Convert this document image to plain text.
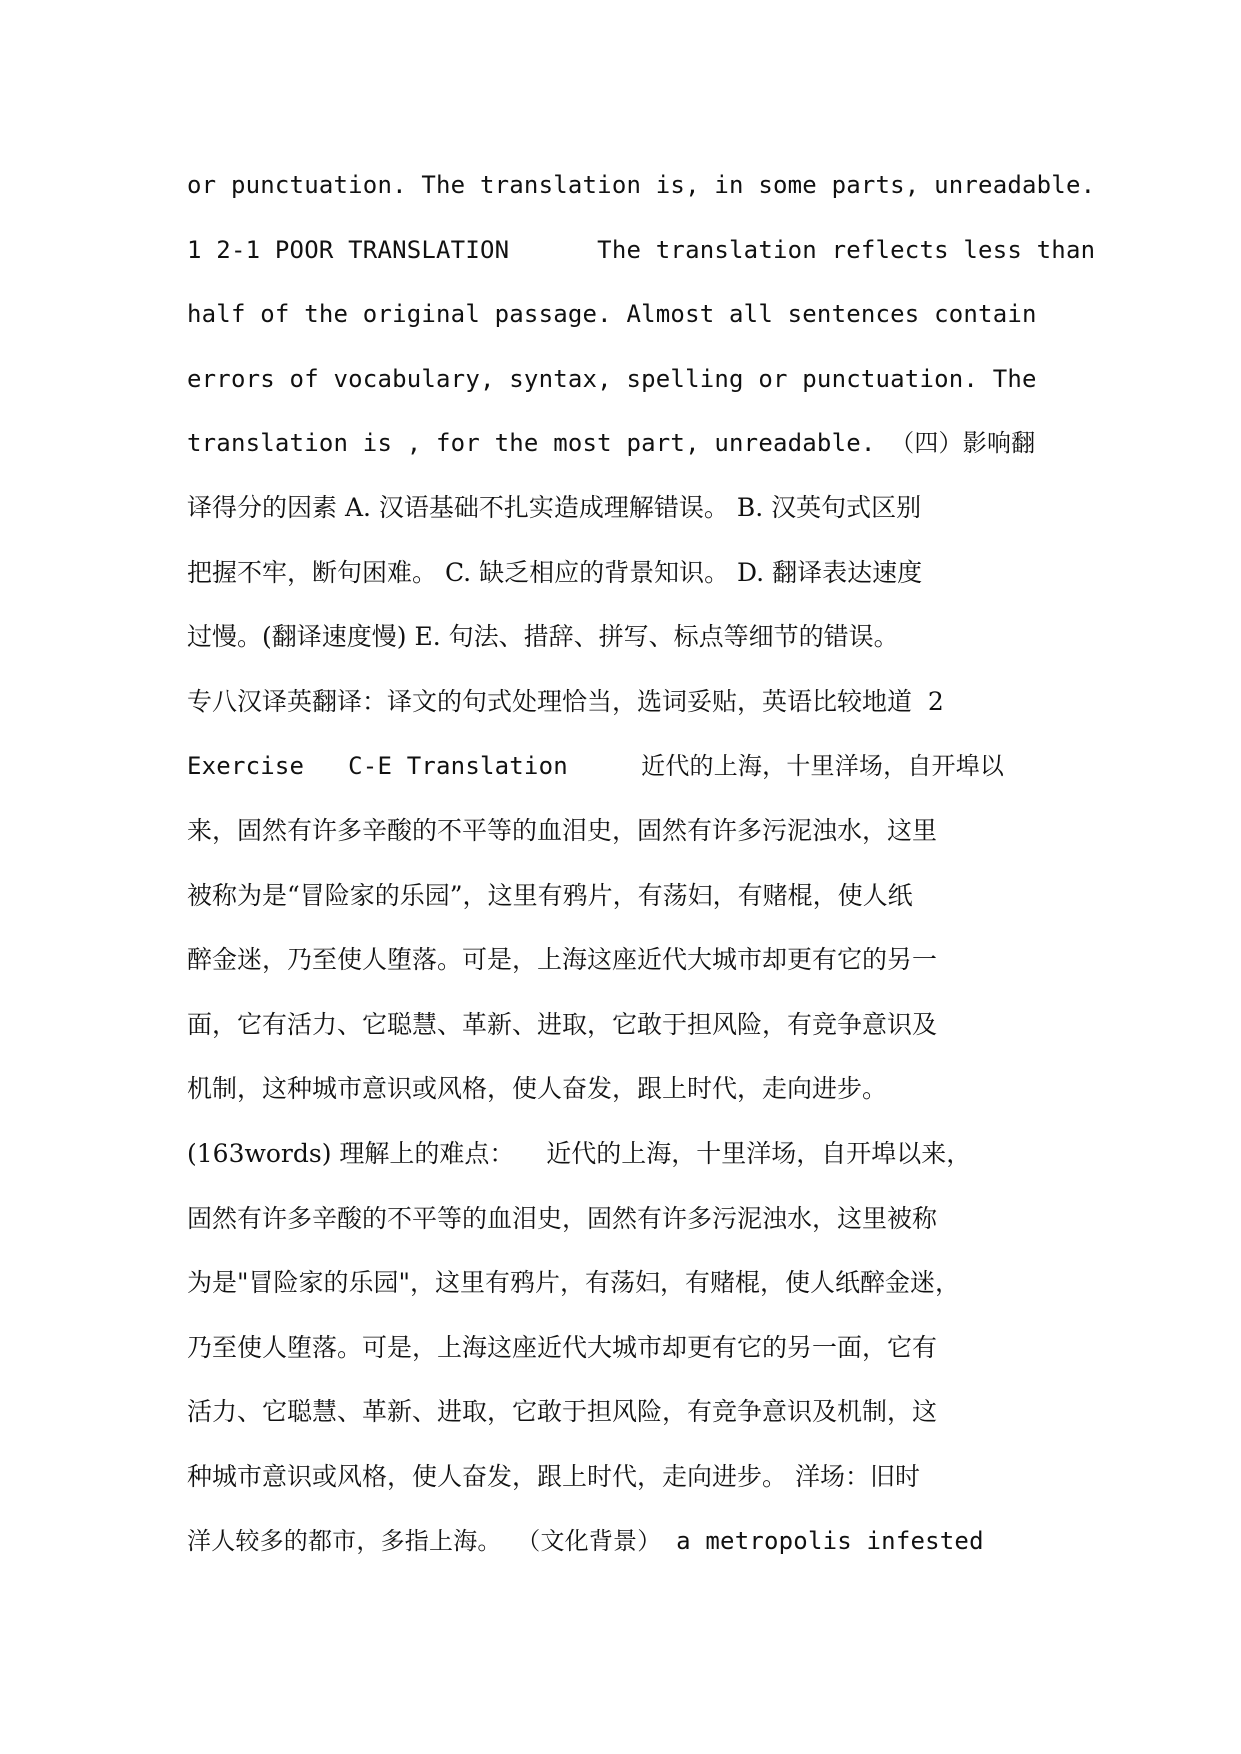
or punctuation. The translation is, in some parts, unreadable.
1 2-1 POOR TRANSLATION      The translation reflects less than
half of the original passage. Almost all sentences contain
errors of vocabulary, syntax, spelling or punctuation. The
translation is , for the most part, unreadable. （四）影响翻
译得分的因素 A. 汉语基础不扎实造成理解错误。 B. 汉英句式区别
把握不牢，断句困难。 C. 缺乏相应的背景知识。 D. 翻译表达速度
过慢。(翻译速度慢) E. 句法、措辞、拼写、标点等细节的错误。
专八汉译英翻译：译文的句式处理恰当，选词妥贴，英语比较地道  2
Exercise   C-E Translation     近代的上海，十里洋场，自开埠以
来，固然有许多辛酸的不平等的血泪史，固然有许多污泥浊水，这里
被称为是“冒险家的乐园”，这里有鸦片，有荡妇，有赌棍，使人纸
醉金迷，乃至使人堕落。可是，上海这座近代大城市却更有它的另一
面，它有活力、它聪慧、革新、进取，它敢于担风险，有竞争意识及
机制，这种城市意识或风格，使人奋发，跟上时代，走向进步。
(163words) 理解上的难点：    近代的上海，十里洋场，自开埠以来，
固然有许多辛酸的不平等的血泪史，固然有许多污泥浊水，这里被称
为是"冒险家的乐园"，这里有鸦片，有荡妇，有赌棍，使人纸醉金迷，
乃至使人堕落。可是，上海这座近代大城市却更有它的另一面，它有
活力、它聪慧、革新、进取，它敢于担风险，有竞争意识及机制，这
种城市意识或风格，使人奋发，跟上时代，走向进步。 洋场：旧时
洋人较多的都市，多指上海。 （文化背景） a metropolis infested
